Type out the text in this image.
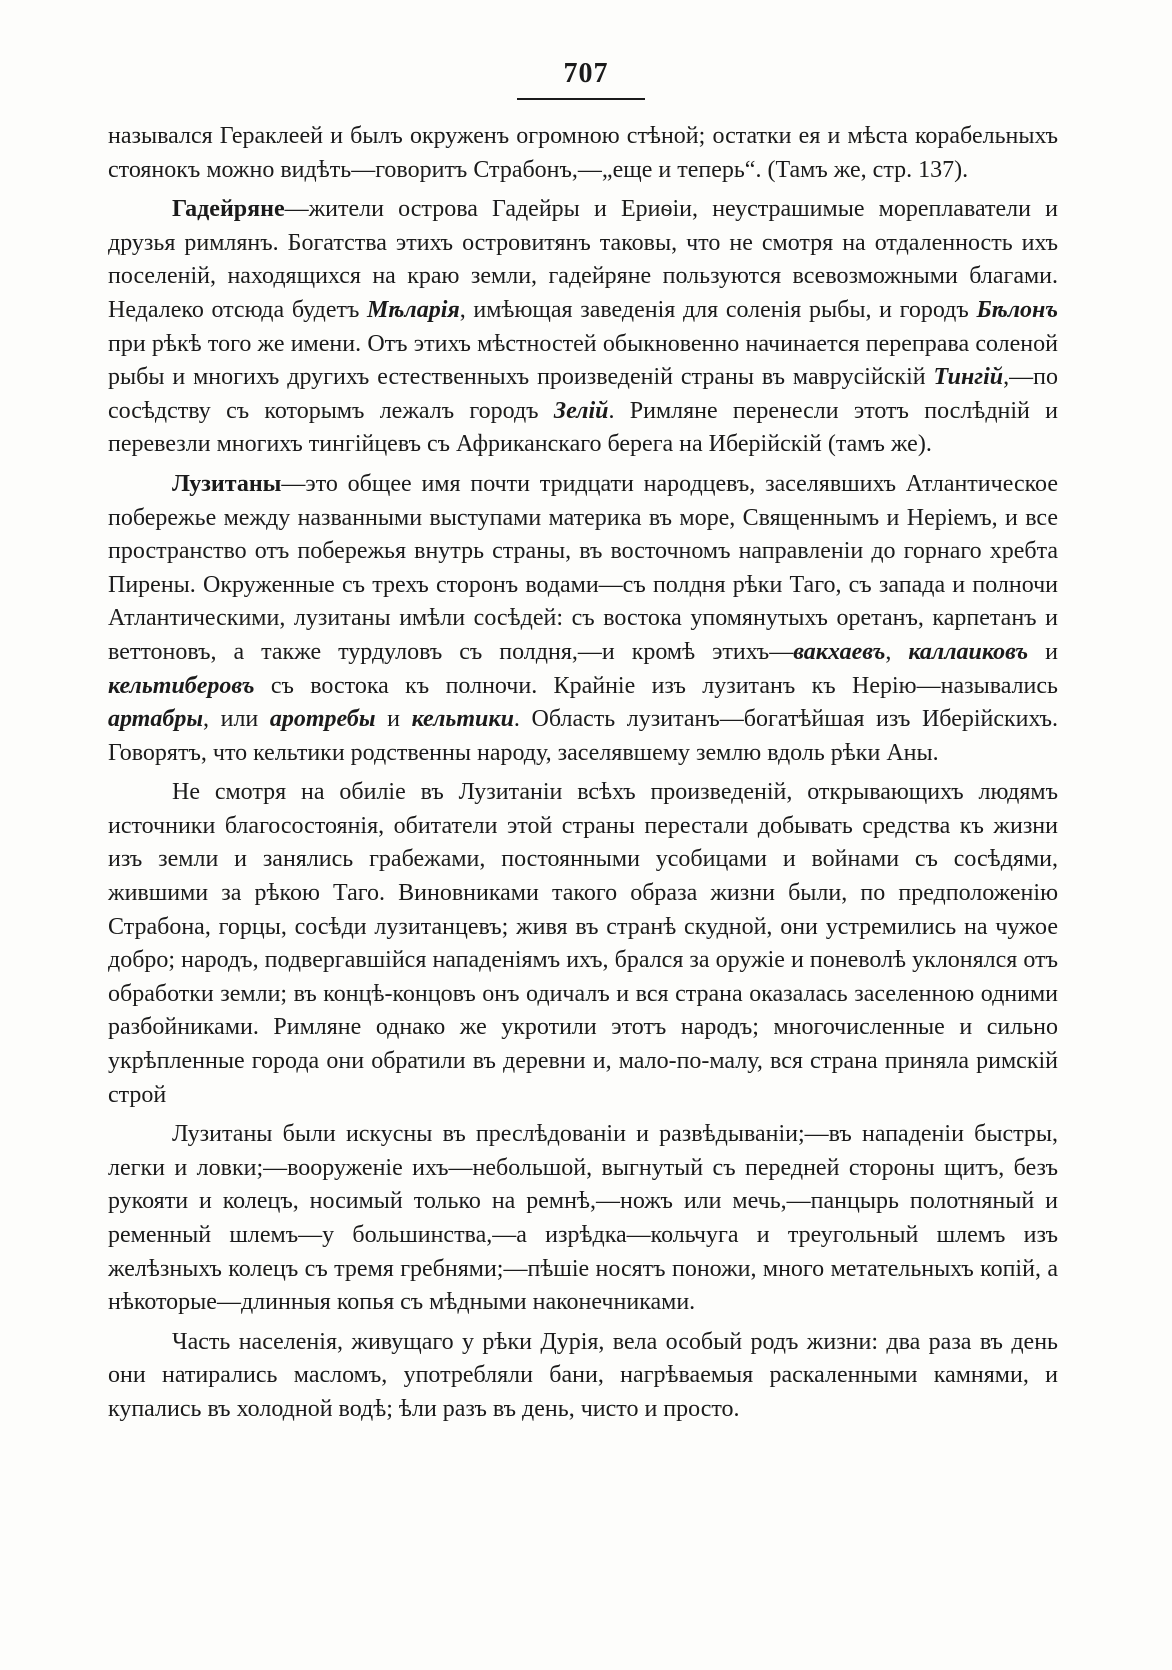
707

назывался Гераклеей и былъ окруженъ огромною стѣной; остатки ея и мѣста корабельныхъ стоянокъ можно видѣть—говоритъ Страбонъ,—„еще и теперь“. (Тамъ же, стр. 137).

Гадейряне—жители острова Гадейры и Ериѳіи, неустрашимые мореплаватели и друзья римлянъ. Богатства этихъ островитянъ таковы, что не смотря на отдаленность ихъ поселеній, находящихся на краю земли, гадейряне пользуются всевозможными благами. Недалеко отсюда будетъ Мѣларія, имѣющая заведенія для соленія рыбы, и городъ Бѣлонъ при рѣкѣ того же имени. Отъ этихъ мѣстностей обыкновенно начинается переправа соленой рыбы и многихъ другихъ естественныхъ произведеній страны въ маврусійскій Тингій,—по сосѣдству съ которымъ лежалъ городъ Зелій. Римляне перенесли этотъ послѣдній и перевезли многихъ тингійцевъ съ Африканскаго берега на Иберійскій (тамъ же).

Лузитаны—это общее имя почти тридцати народцевъ, заселявшихъ Атлантическое побережье между названными выступами материка въ море, Священнымъ и Неріемъ, и все пространство отъ побережья внутрь страны, въ восточномъ направленіи до горнаго хребта Пирены. Окруженные съ трехъ сторонъ водами—съ полдня рѣки Таго, съ запада и полночи Атлантическими, лузитаны имѣли сосѣдей: съ востока упомянутыхъ оретанъ, карпетанъ и веттоновъ, а также турдуловъ съ полдня,—и кромѣ этихъ—вакхаевъ, каллаиковъ и кельтиберовъ съ востока къ полночи. Крайніе изъ лузитанъ къ Нерію—назывались артабры, или аротребы и кельтики. Область лузитанъ—богатѣйшая изъ Иберійскихъ. Говорятъ, что кельтики родственны народу, заселявшему землю вдоль рѣки Аны.

Не смотря на обиліе въ Лузитаніи всѣхъ произведеній, открывающихъ людямъ источники благосостоянія, обитатели этой страны перестали добывать средства къ жизни изъ земли и занялись грабежами, постоянными усобицами и войнами съ сосѣдями, жившими за рѣкою Таго. Виновниками такого образа жизни были, по предположенію Страбона, горцы, сосѣди лузитанцевъ; живя въ странѣ скудной, они устремились на чужое добро; народъ, подвергавшійся нападеніямъ ихъ, брался за оружіе и поневолѣ уклонялся отъ обработки земли; въ концѣ-концовъ онъ одичалъ и вся страна оказалась заселенною одними разбойниками. Римляне однако же укротили этотъ народъ; многочисленные и сильно укрѣпленные города они обратили въ деревни и, мало-по-малу, вся страна приняла римскій строй

Лузитаны были искусны въ преслѣдованіи и развѣдываніи;—въ нападеніи быстры, легки и ловки;—вооруженіе ихъ—небольшой, выгнутый съ передней стороны щитъ, безъ рукояти и колецъ, носимый только на ремнѣ,—ножъ или мечь,—панцырь полотняный и ременный шлемъ—у большинства,—а изрѣдка—кольчуга и треугольный шлемъ изъ желѣзныхъ колецъ съ тремя гребнями;—пѣшіе носятъ поножи, много метательныхъ копій, а нѣкоторые—длинныя копья съ мѣдными наконечниками.

Часть населенія, живущаго у рѣки Дурія, вела особый родъ жизни: два раза въ день они натирались масломъ, употребляли бани, нагрѣваемыя раскаленными камнями, и купались въ холодной водѣ; ѣли разъ въ день, чисто и просто.
